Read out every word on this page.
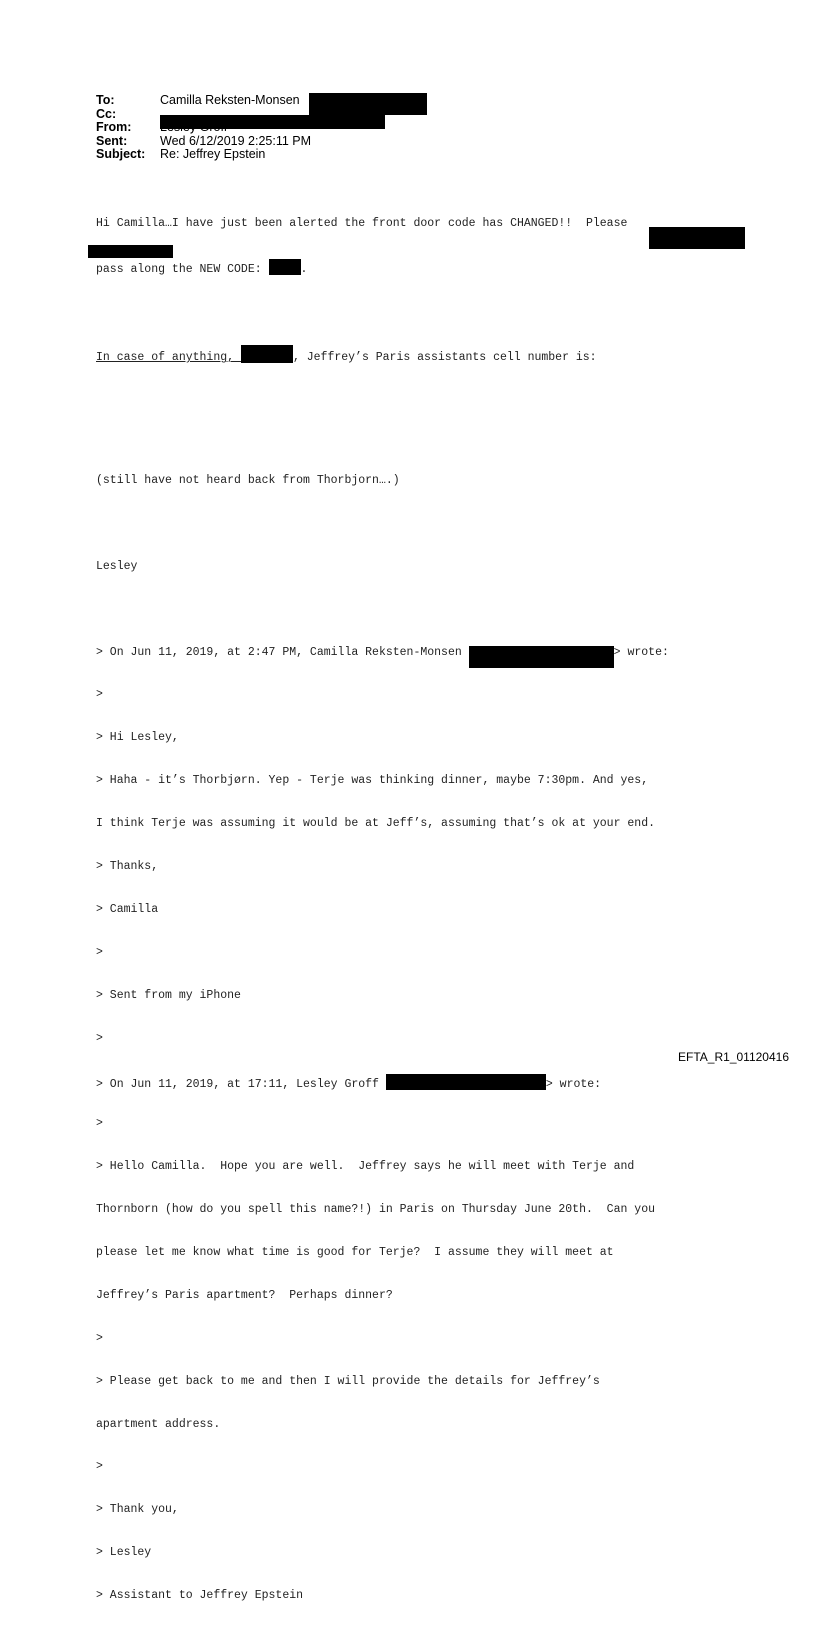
To:	Camilla Reksten-Monsen
Cc:
From:
Sent:	Wed 6/12/2019 2:25:11 PM
Subject: Re: Jeffrey Epstein

Hi Camilla…I have just been alerted the front door code has CHANGED!!  Please

pass along the NEW CODE:	.

In case of anything,	, Jeffrey’s Paris assistants cell number is:

(still have not heard back from Thorbjorn….)

Lesley

> On Jun 11, 2019, at 2:47 PM, Camilla Reksten-Monsen	> wrote:

>

> Hi Lesley,

> Haha - it’s Thorbjørn. Yep - Terje was thinking dinner, maybe 7:30pm. And yes,

I think Terje was assuming it would be at Jeff’s, assuming that’s ok at your end.

> Thanks,

> Camilla

>

> Sent from my iPhone

>

> On Jun 11, 2019, at 17:11, Lesley Groff	> wrote:

>

> Hello Camilla.  Hope you are well.  Jeffrey says he will meet with Terje and

Thornborn (how do you spell this name?!) in Paris on Thursday June 20th.  Can you

please let me know what time is good for Terje?  I assume they will meet at

Jeffrey’s Paris apartment?  Perhaps dinner?

>

> Please get back to me and then I will provide the details for Jeffrey’s

apartment address.

>

> Thank you,

> Lesley

> Assistant to Jeffrey Epstein

EFTA_R1_01120416
